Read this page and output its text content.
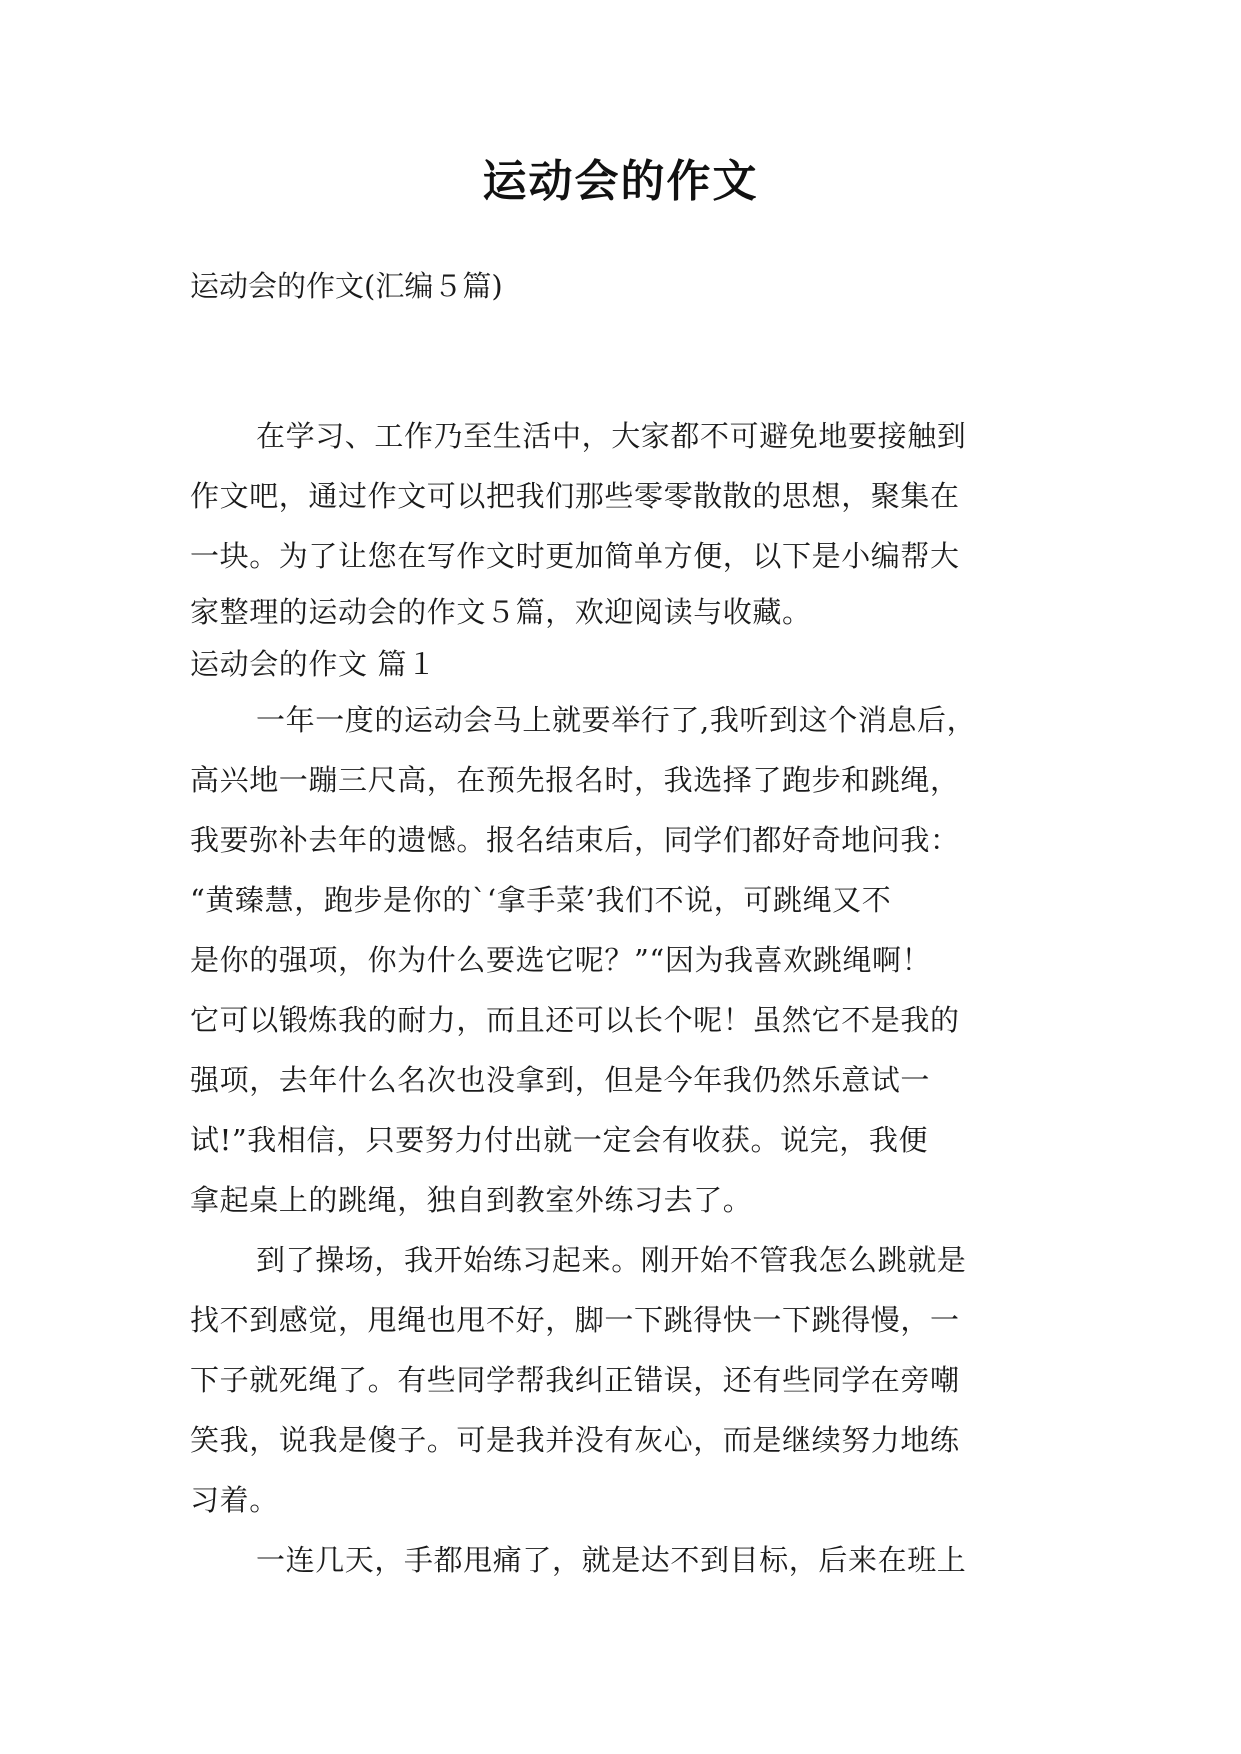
运动会的作文
运动会的作文(汇编５篇)
在学习、工作乃至生活中，大家都不可避免地要接触到
作文吧，通过作文可以把我们那些零零散散的思想，聚集在
一块。为了让您在写作文时更加简单方便，以下是小编帮大
家整理的运动会的作文５篇，欢迎阅读与收藏。
运动会的作文 篇１
一年一度的运动会马上就要举行了,我听到这个消息后，
高兴地一蹦三尺高，在预先报名时，我选择了跑步和跳绳，
我要弥补去年的遗憾。报名结束后，同学们都好奇地问我：
“黄臻慧，跑步是你的`‘拿手菜’我们不说，可跳绳又不
是你的强项，你为什么要选它呢？”“因为我喜欢跳绳啊！
它可以锻炼我的耐力，而且还可以长个呢！虽然它不是我的
强项，去年什么名次也没拿到，但是今年我仍然乐意试一
试!”我相信，只要努力付出就一定会有收获。说完，我便
拿起桌上的跳绳，独自到教室外练习去了。
到了操场，我开始练习起来。刚开始不管我怎么跳就是
找不到感觉，甩绳也甩不好，脚一下跳得快一下跳得慢，一
下子就死绳了。有些同学帮我纠正错误，还有些同学在旁嘲
笑我，说我是傻子。可是我并没有灰心，而是继续努力地练
习着。
一连几天，手都甩痛了，就是达不到目标，后来在班上
